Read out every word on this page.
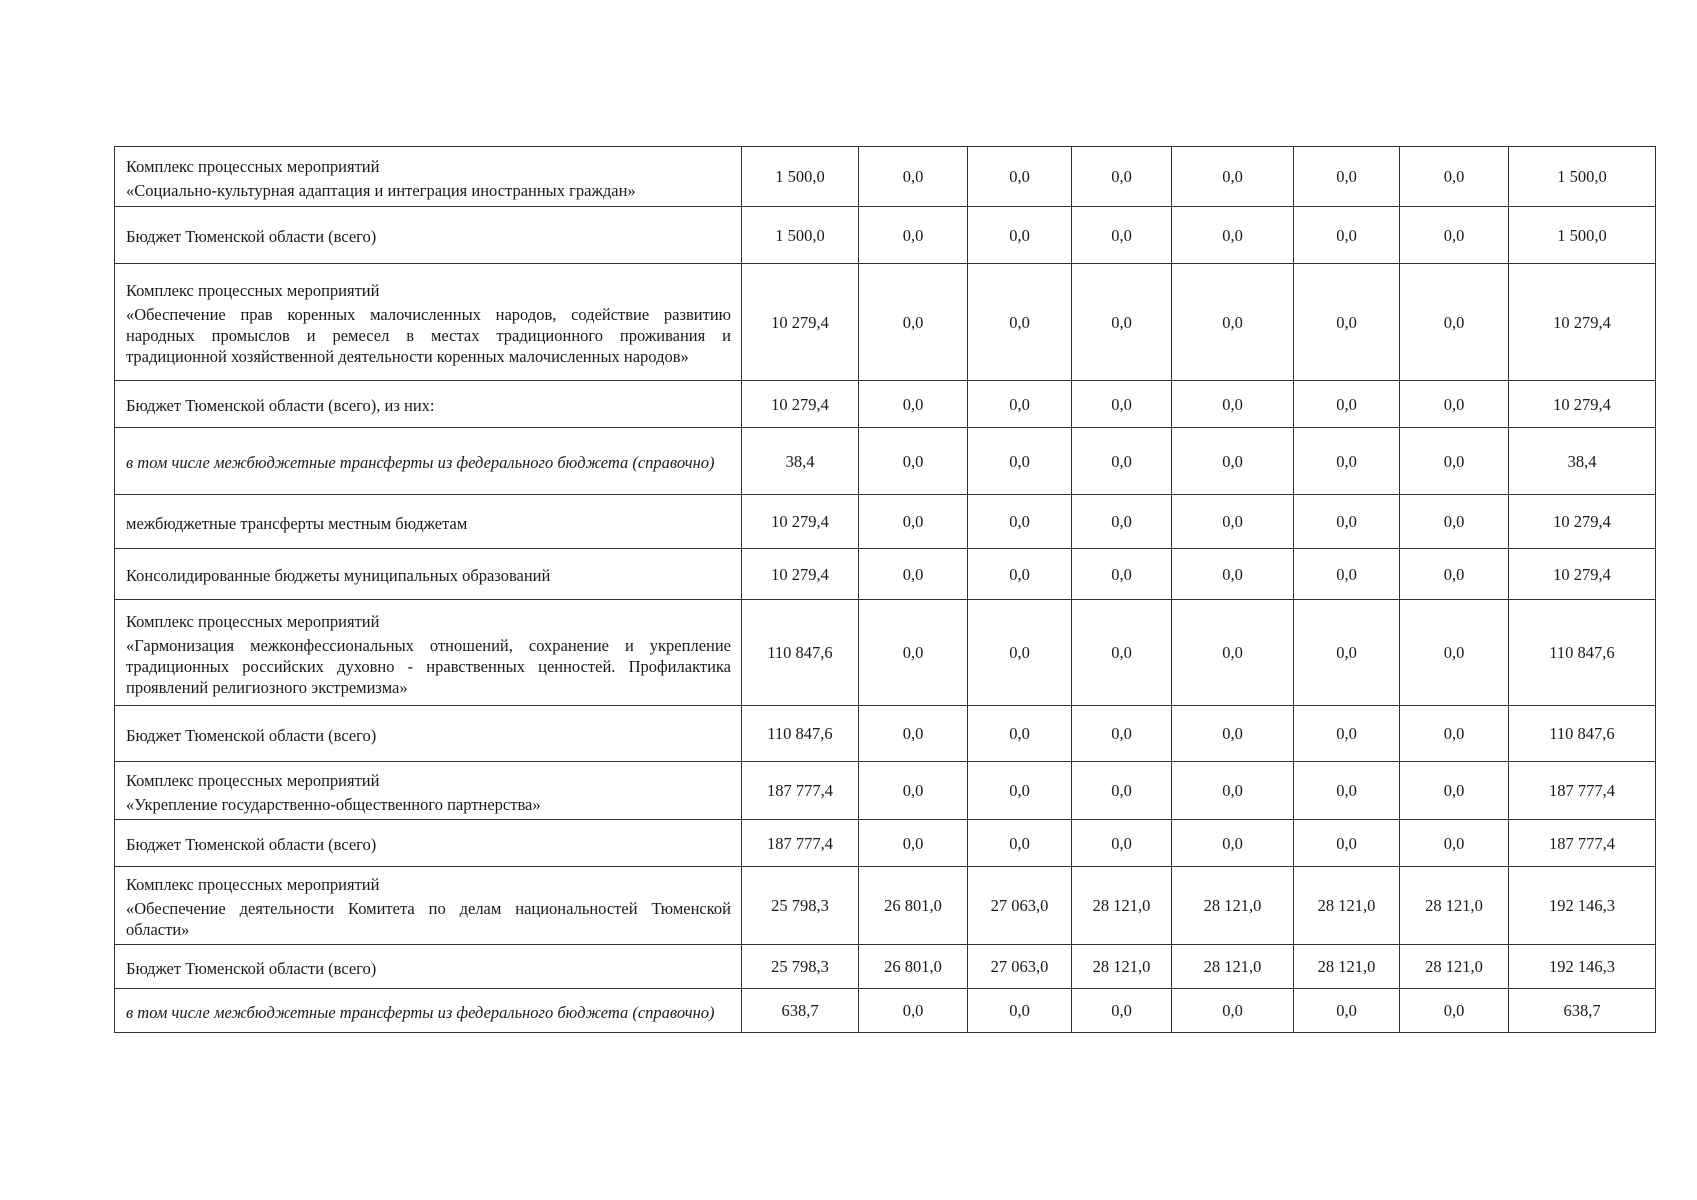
Комплекс процессных мероприятий
«Социально-культурная адаптация и интеграция иностранных граждан»	1 500,0	0,0	0,0	0,0	0,0	0,0	0,0	1 500,0

Бюджет Тюменской области (всего)	1 500,0	0,0	0,0	0,0	0,0	0,0	0,0	1 500,0

Комплекс процессных мероприятий
«Обеспечение прав коренных малочисленных народов, содействие развитию народных промыслов и ремесел в местах традиционного проживания и традиционной хозяйственной деятельности коренных малочисленных народов»	10 279,4	0,0	0,0	0,0	0,0	0,0	0,0	10 279,4

Бюджет Тюменской области (всего), из них:	10 279,4	0,0	0,0	0,0	0,0	0,0	0,0	10 279,4

в том числе межбюджетные трансферты из федерального бюджета (справочно)	38,4	0,0	0,0	0,0	0,0	0,0	0,0	38,4

межбюджетные трансферты местным бюджетам	10 279,4	0,0	0,0	0,0	0,0	0,0	0,0	10 279,4

Консолидированные бюджеты муниципальных образований	10 279,4	0,0	0,0	0,0	0,0	0,0	0,0	10 279,4

Комплекс процессных мероприятий
«Гармонизация межконфессиональных отношений, сохранение и укрепление традиционных российских духовно - нравственных ценностей. Профилактика проявлений религиозного экстремизма»	110 847,6	0,0	0,0	0,0	0,0	0,0	0,0	110 847,6

Бюджет Тюменской области (всего)	110 847,6	0,0	0,0	0,0	0,0	0,0	0,0	110 847,6

Комплекс процессных мероприятий
«Укрепление государственно-общественного партнерства»	187 777,4	0,0	0,0	0,0	0,0	0,0	0,0	187 777,4

Бюджет Тюменской области (всего)	187 777,4	0,0	0,0	0,0	0,0	0,0	0,0	187 777,4

Комплекс процессных мероприятий
«Обеспечение деятельности Комитета по делам национальностей Тюменской области»	25 798,3	26 801,0	27 063,0	28 121,0	28 121,0	28 121,0	28 121,0	192 146,3

Бюджет Тюменской области (всего)	25 798,3	26 801,0	27 063,0	28 121,0	28 121,0	28 121,0	28 121,0	192 146,3

в том числе межбюджетные трансферты из федерального бюджета (справочно)	638,7	0,0	0,0	0,0	0,0	0,0	0,0	638,7
